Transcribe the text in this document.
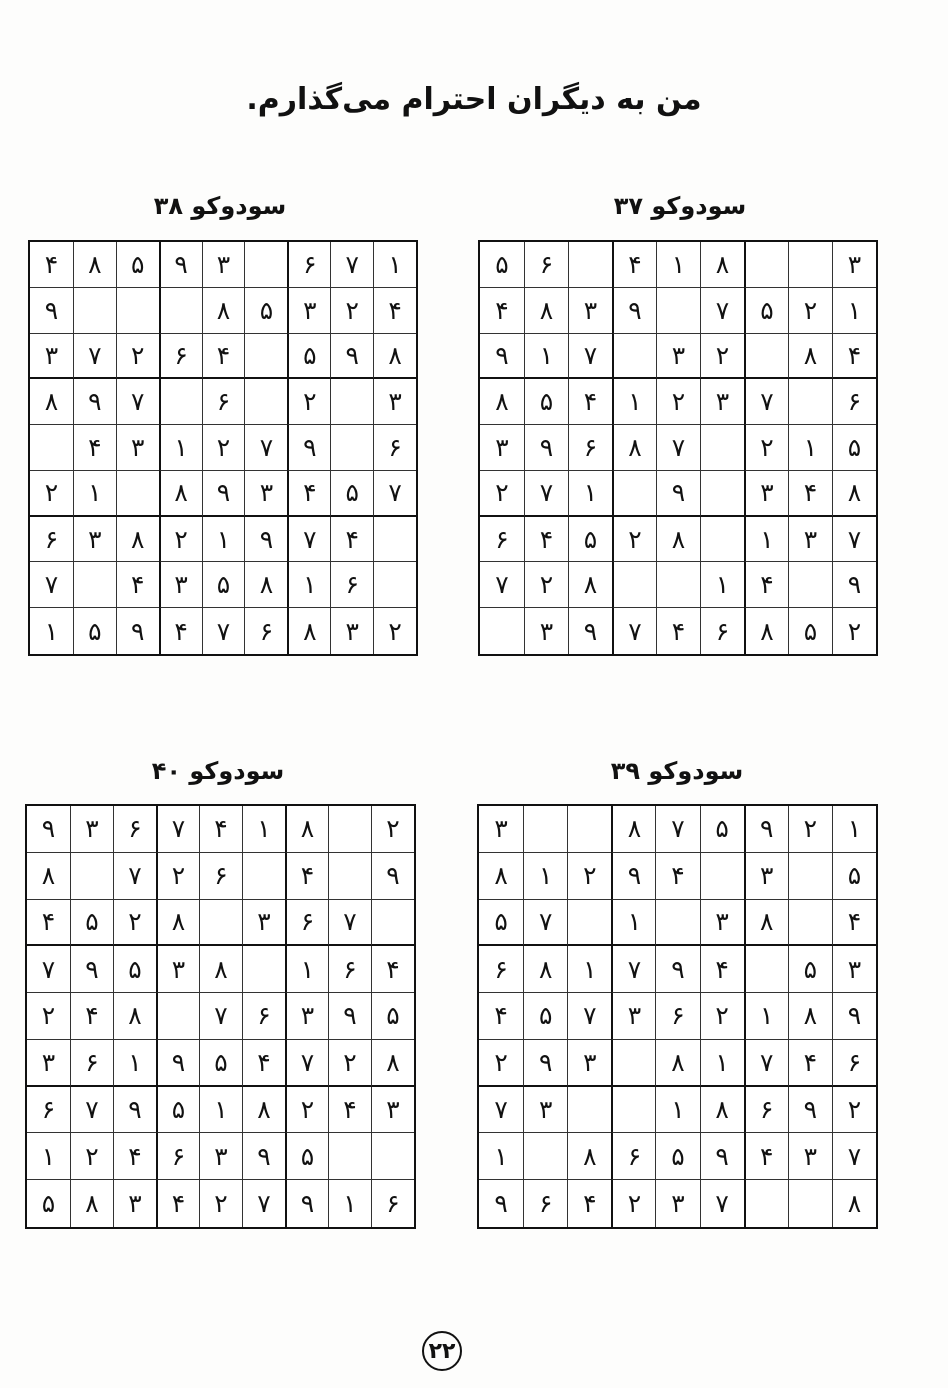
من به دیگران احترام می‌گذارم.
سودوکو ۳۷
۳
۸
۱
۴
۶
۵
۱
۲
۵
۷
۹
۳
۸
۴
۴
۸
۲
۳
۷
۱
۹
۶
۷
۳
۲
۱
۴
۵
۸
۵
۱
۲
۷
۸
۶
۹
۳
۸
۴
۳
۹
۱
۷
۲
۷
۳
۱
۸
۲
۵
۴
۶
۹
۴
۱
۸
۲
۷
۲
۵
۸
۶
۴
۷
۹
۳
سودوکو ۳۸
۱
۷
۶
۳
۹
۵
۸
۴
۴
۲
۳
۵
۸
۹
۸
۹
۵
۴
۶
۲
۷
۳
۳
۲
۶
۷
۹
۸
۶
۹
۷
۲
۱
۳
۴
۷
۵
۴
۳
۹
۸
۱
۲
۴
۷
۹
۱
۲
۸
۳
۶
۶
۱
۸
۵
۳
۴
۷
۲
۳
۸
۶
۷
۴
۹
۵
۱
سودوکو ۳۹
۱
۲
۹
۵
۷
۸
۳
۵
۳
۴
۹
۲
۱
۸
۴
۸
۳
۱
۷
۵
۳
۵
۴
۹
۷
۱
۸
۶
۹
۸
۱
۲
۶
۳
۷
۵
۴
۶
۴
۷
۱
۸
۳
۹
۲
۲
۹
۶
۸
۱
۳
۷
۷
۳
۴
۹
۵
۶
۸
۱
۸
۷
۳
۲
۴
۶
۹
سودوکو ۴۰
۲
۸
۱
۴
۷
۶
۳
۹
۹
۴
۶
۲
۷
۸
۷
۶
۳
۸
۲
۵
۴
۴
۶
۱
۸
۳
۵
۹
۷
۵
۹
۳
۶
۷
۸
۴
۲
۸
۲
۷
۴
۵
۹
۱
۶
۳
۳
۴
۲
۸
۱
۵
۹
۷
۶
۵
۹
۳
۶
۴
۲
۱
۶
۱
۹
۷
۲
۴
۳
۸
۵
۲۲
